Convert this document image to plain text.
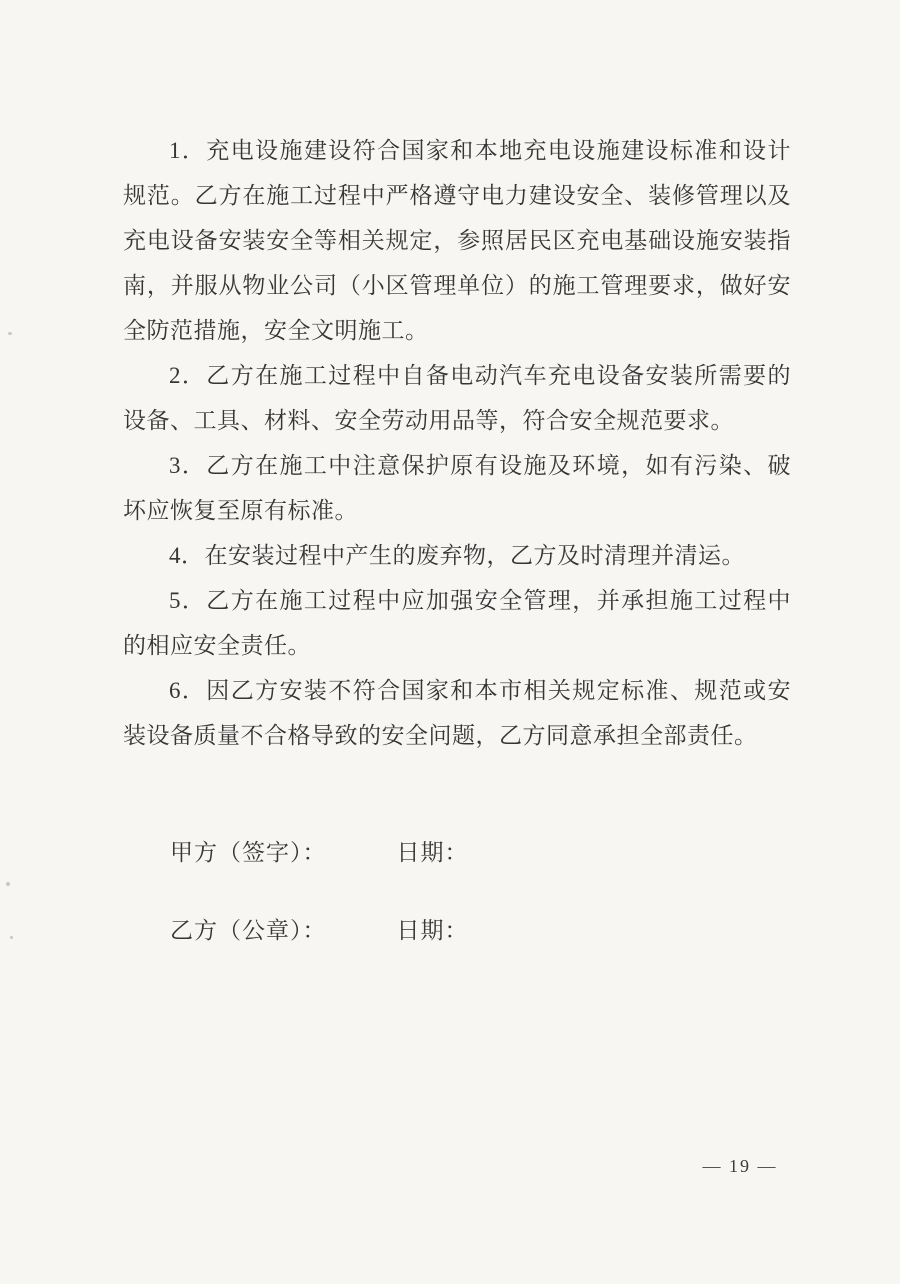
1．充电设施建设符合国家和本地充电设施建设标准和设计规范。乙方在施工过程中严格遵守电力建设安全、装修管理以及充电设备安装安全等相关规定，参照居民区充电基础设施安装指南，并服从物业公司（小区管理单位）的施工管理要求，做好安全防范措施，安全文明施工。

2．乙方在施工过程中自备电动汽车充电设备安装所需要的设备、工具、材料、安全劳动用品等，符合安全规范要求。

3．乙方在施工中注意保护原有设施及环境，如有污染、破坏应恢复至原有标准。

4．在安装过程中产生的废弃物，乙方及时清理并清运。

5．乙方在施工过程中应加强安全管理，并承担施工过程中的相应安全责任。

6．因乙方安装不符合国家和本市相关规定标准、规范或安装设备质量不合格导致的安全问题，乙方同意承担全部责任。

甲方（签字）：	日期：
乙方（公章）：	日期：
— 19 —
